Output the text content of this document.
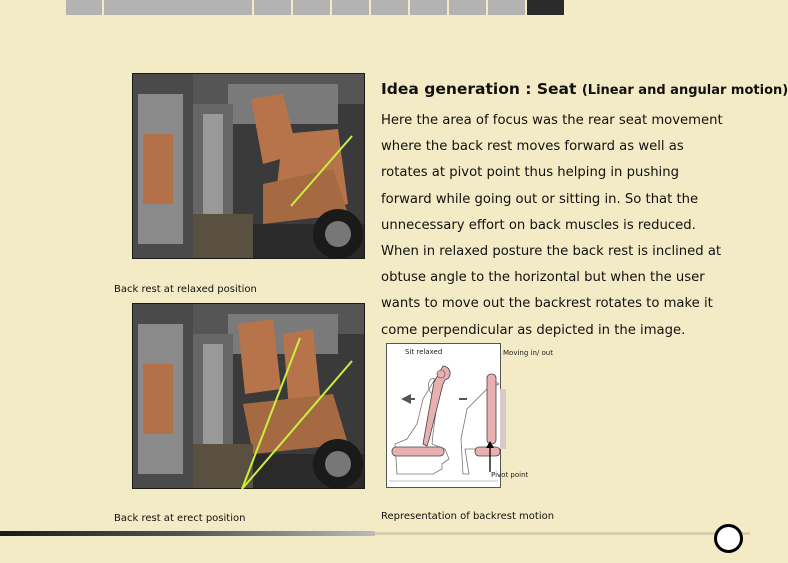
Back rest at relaxed position
Back rest at erect position
Idea generation : Seat (Linear and angular motion)

Here the area of focus was the rear seat movement where the back rest moves forward as well as rotates at pivot point thus helping in pushing forward while going out or sitting in. So that the unnecessary effort on back muscles is reduced.

When in relaxed posture the back rest is inclined at obtuse angle to the horizontal but when the user wants to move out the backrest rotates to make it come perpendicular as depicted in the image.

Sit relaxed	Moving in/ out
Pivot point
Representation of backrest motion
